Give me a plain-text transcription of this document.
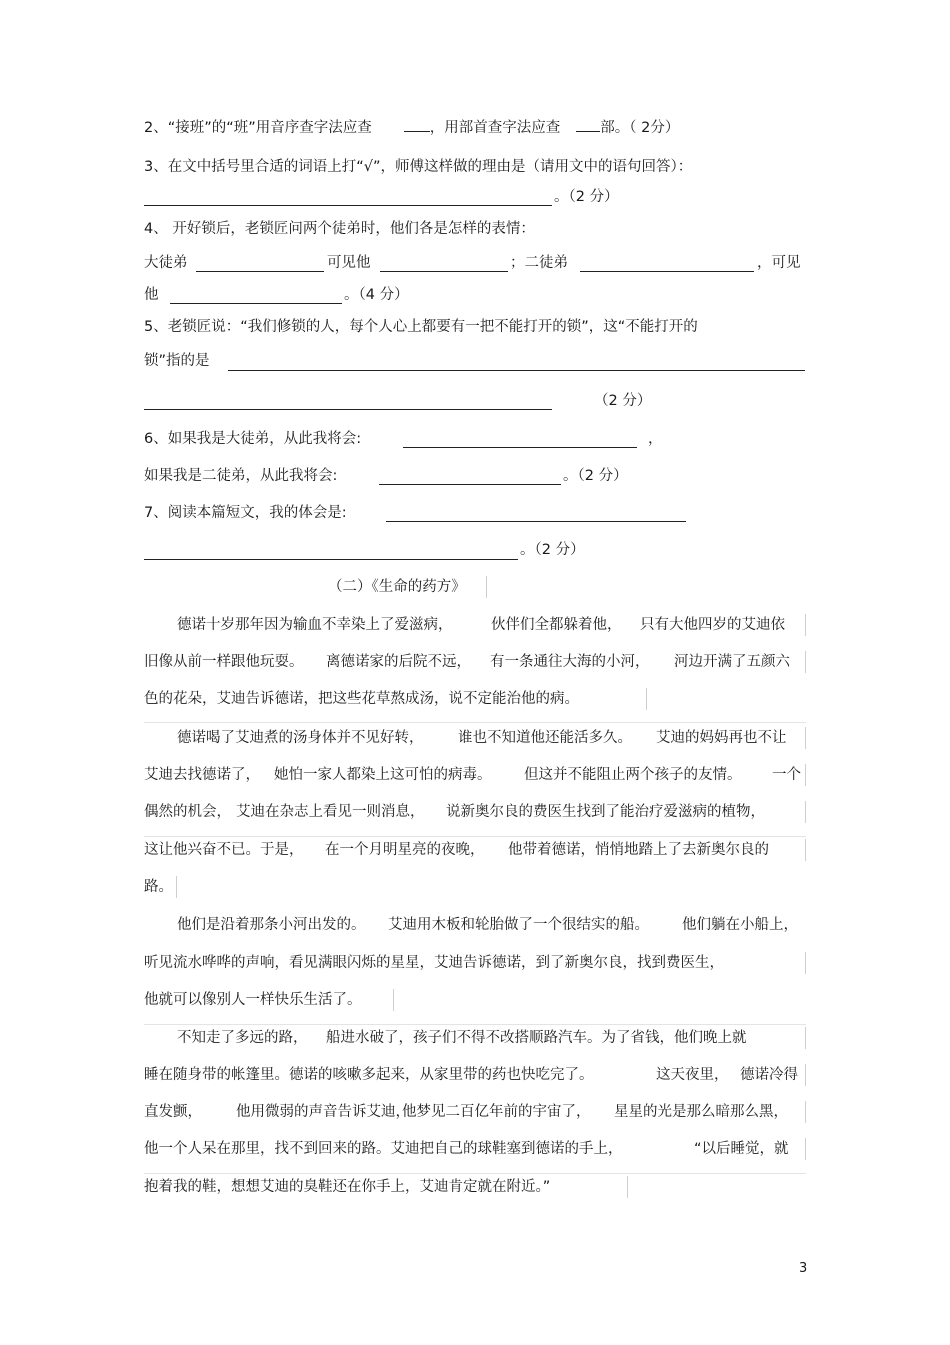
2、“接班”的“班”用音序查字法应查	，用部首查字法应查	部。（ 2分）
3、在文中括号里合适的词语上打“√”，师傅这样做的理由是（请用文中的语句回答）：
。（2 分）
4、 开好锁后，老锁匠问两个徒弟时，他们各是怎样的表情：
大徒弟	可见他	；二徒弟	，可见
他	。（4 分）
5、老锁匠说：“我们修锁的人，每个人心上都要有一把不能打开的锁”，这“不能打开的
锁”指的是
（2 分）
6、如果我是大徒弟，从此我将会:	，
如果我是二徒弟，从此我将会:	。（2 分）
7、阅读本篇短文，我的体会是:
。（2 分）
（二）《生命的药方》
德诺十岁那年因为输血不幸染上了爱滋病，	伙伴们全都躲着他， 只有大他四岁的艾迪依
旧像从前一样跟他玩耍。 离德诺家的后院不远， 有一条通往大海的小河， 河边开满了五颜六
色的花朵，艾迪告诉德诺，把这些花草熬成汤，说不定能治他的病。
德诺喝了艾迪煮的汤身体并不见好转， 谁也不知道他还能活多久。 艾迪的妈妈再也不让
艾迪去找德诺了， 她怕一家人都染上这可怕的病毒。 但这并不能阻止两个孩子的友情。 一个
偶然的机会， 艾迪在杂志上看见一则消息， 说新奥尔良的费医生找到了能治疗爱滋病的植物，
这让他兴奋不已。于是， 在一个月明星亮的夜晚， 他带着德诺，悄悄地踏上了去新奥尔良的
路。
他们是沿着那条小河出发的。 艾迪用木板和轮胎做了一个很结实的船。 他们躺在小船上，
听见流水哗哗的声响，看见满眼闪烁的星星，艾迪告诉德诺，到了新奥尔良，找到费医生，
他就可以像别人一样快乐生活了。
不知走了多远的路， 船进水破了，孩子们不得不改搭顺路汽车。为了省钱，他们晚上就
睡在随身带的帐篷里。德诺的咳嗽多起来，从家里带的药也快吃完了。	这天夜里， 德诺冷得
直发颤， 他用微弱的声音告诉艾迪，
他梦见二百亿年前的宇宙了， 星星的光是那么暗那么黑，
他一个人呆在那里，找不到回来的路。艾迪把自己的球鞋塞到德诺的手上，	“以后睡觉，就
抱着我的鞋，想想艾迪的臭鞋还在你手上，艾迪肯定就在附近。”
3
